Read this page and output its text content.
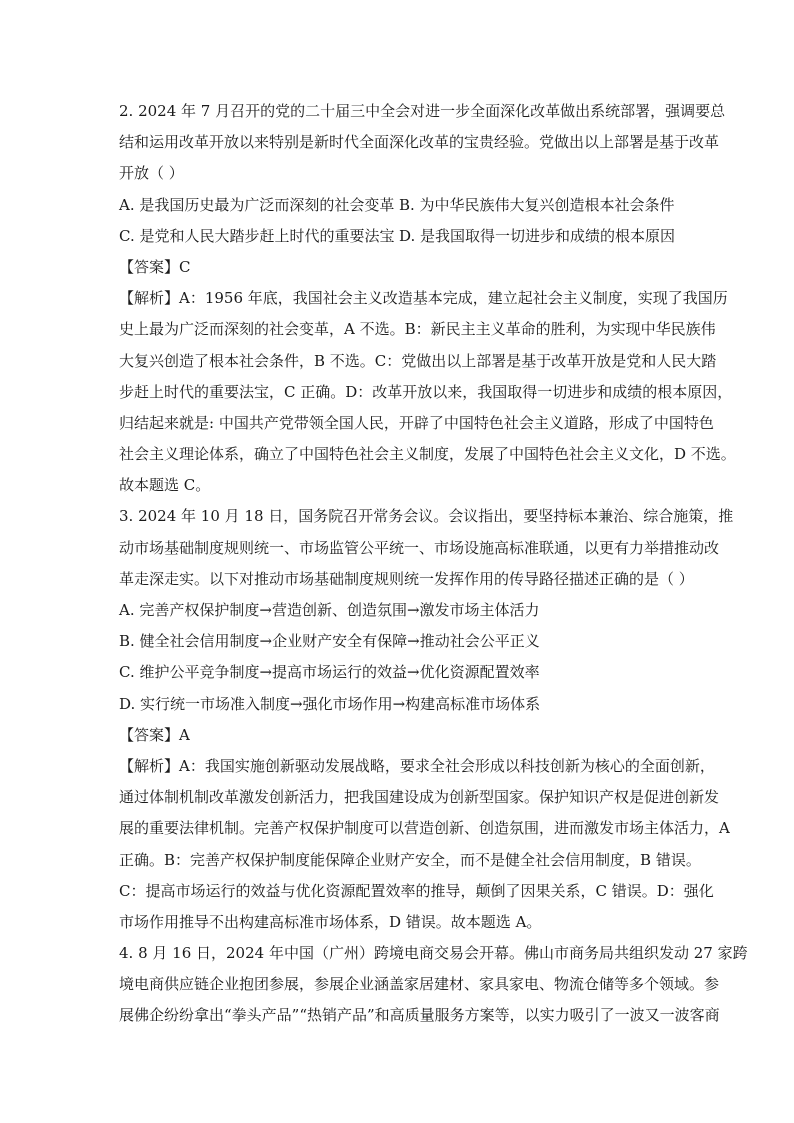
2. 2024 年 7 月召开的党的二十届三中全会对进一步全面深化改革做出系统部署，强调要总
结和运用改革开放以来特别是新时代全面深化改革的宝贵经验。党做出以上部署是基于改革
开放（ ）
A. 是我国历史最为广泛而深刻的社会变革 B. 为中华民族伟大复兴创造根本社会条件
C. 是党和人民大踏步赶上时代的重要法宝 D. 是我国取得一切进步和成绩的根本原因
【答案】C
【解析】A：1956 年底，我国社会主义改造基本完成，建立起社会主义制度，实现了我国历
史上最为广泛而深刻的社会变革，A 不选。B：新民主主义革命的胜利，为实现中华民族伟
大复兴创造了根本社会条件，B 不选。C：党做出以上部署是基于改革开放是党和人民大踏
步赶上时代的重要法宝，C 正确。D：改革开放以来，我国取得一切进步和成绩的根本原因，
归结起来就是: 中国共产党带领全国人民，开辟了中国特色社会主义道路，形成了中国特色
社会主义理论体系，确立了中国特色社会主义制度，发展了中国特色社会主义文化，D 不选。
故本题选 C。
3. 2024 年 10 月 18 日，国务院召开常务会议。会议指出，要坚持标本兼治、综合施策，推
动市场基础制度规则统一、市场监管公平统一、市场设施高标准联通，以更有力举措推动改
革走深走实。以下对推动市场基础制度规则统一发挥作用的传导路径描述正确的是（ ）
A. 完善产权保护制度→营造创新、创造氛围→激发市场主体活力
B. 健全社会信用制度→企业财产安全有保障→推动社会公平正义
C. 维护公平竞争制度→提高市场运行的效益→优化资源配置效率
D. 实行统一市场准入制度→强化市场作用→构建高标准市场体系
【答案】A
【解析】A：我国实施创新驱动发展战略，要求全社会形成以科技创新为核心的全面创新，
通过体制机制改革激发创新活力，把我国建设成为创新型国家。保护知识产权是促进创新发
展的重要法律机制。完善产权保护制度可以营造创新、创造氛围，进而激发市场主体活力，A
正确。B：完善产权保护制度能保障企业财产安全，而不是健全社会信用制度，B 错误。
C：提高市场运行的效益与优化资源配置效率的推导，颠倒了因果关系，C 错误。D：强化
市场作用推导不出构建高标准市场体系，D 错误。故本题选 A。
4. 8 月 16 日，2024 年中国（广州）跨境电商交易会开幕。佛山市商务局共组织发动 27 家跨
境电商供应链企业抱团参展，参展企业涵盖家居建材、家具家电、物流仓储等多个领域。参
展佛企纷纷拿出“拳头产品”“热销产品”和高质量服务方案等，以实力吸引了一波又一波客商
